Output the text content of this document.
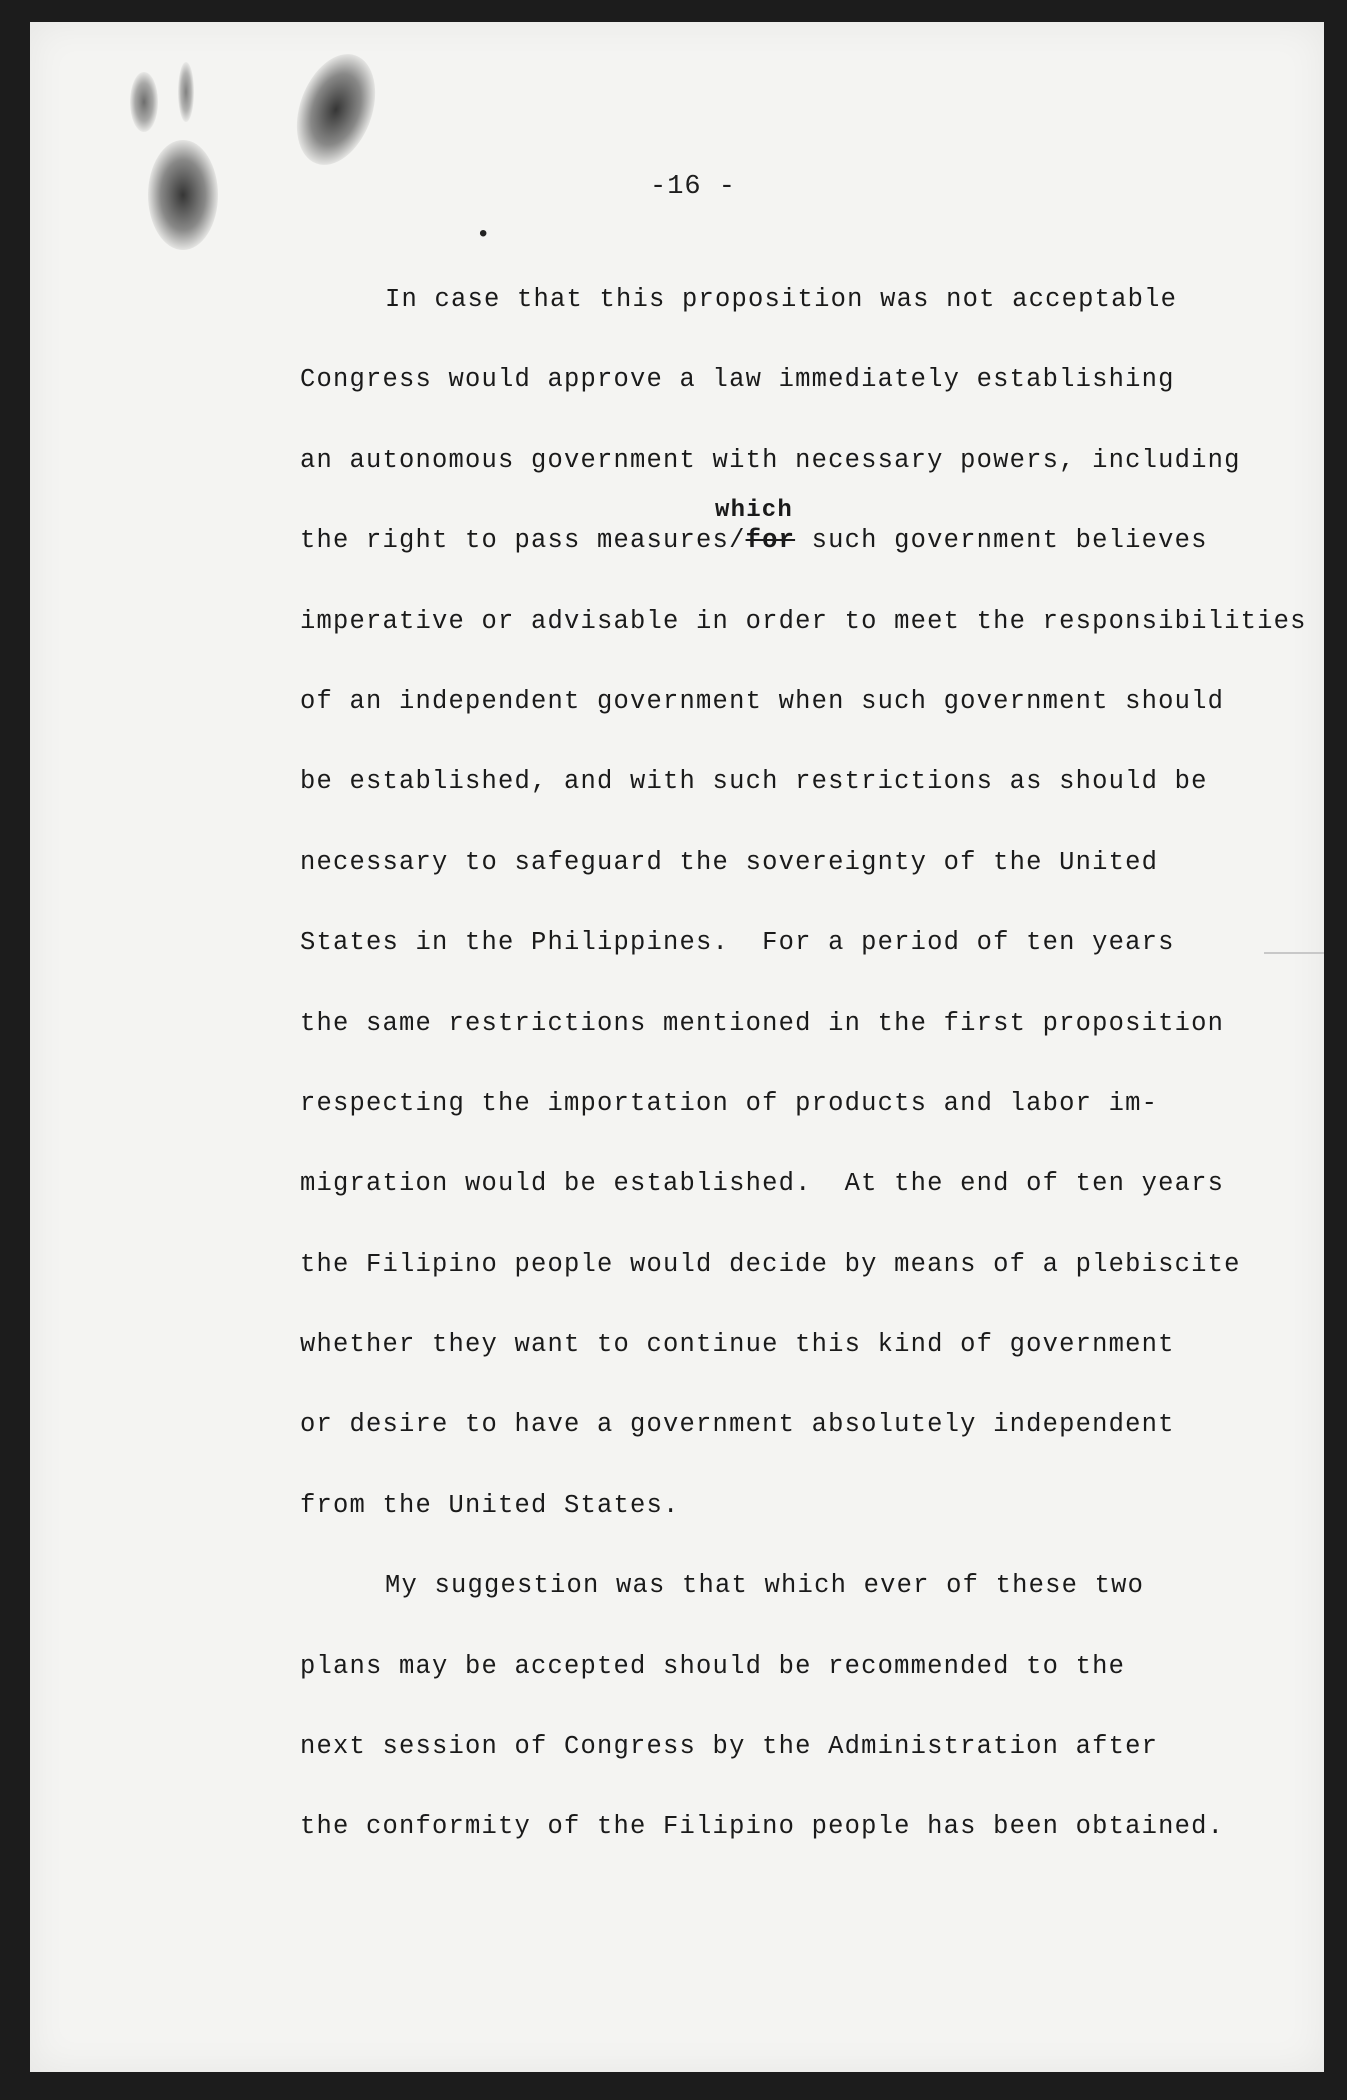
-16 -
•
In case that this proposition was not acceptable
Congress would approve a law immediately establishing
an autonomous government with necessary powers, including
which
the right to pass measures/for such government believes
imperative or advisable in order to meet the responsibilities
of an independent government when such government should
be established, and with such restrictions as should be
necessary to safeguard the sovereignty of the United
States in the Philippines.  For a period of ten years
the same restrictions mentioned in the first proposition
respecting the importation of products and labor im-
migration would be established.  At the end of ten years
the Filipino people would decide by means of a plebiscite
whether they want to continue this kind of government
or desire to have a government absolutely independent
from the United States.
My suggestion was that which ever of these two
plans may be accepted should be recommended to the
next session of Congress by the Administration after
the conformity of the Filipino people has been obtained.
